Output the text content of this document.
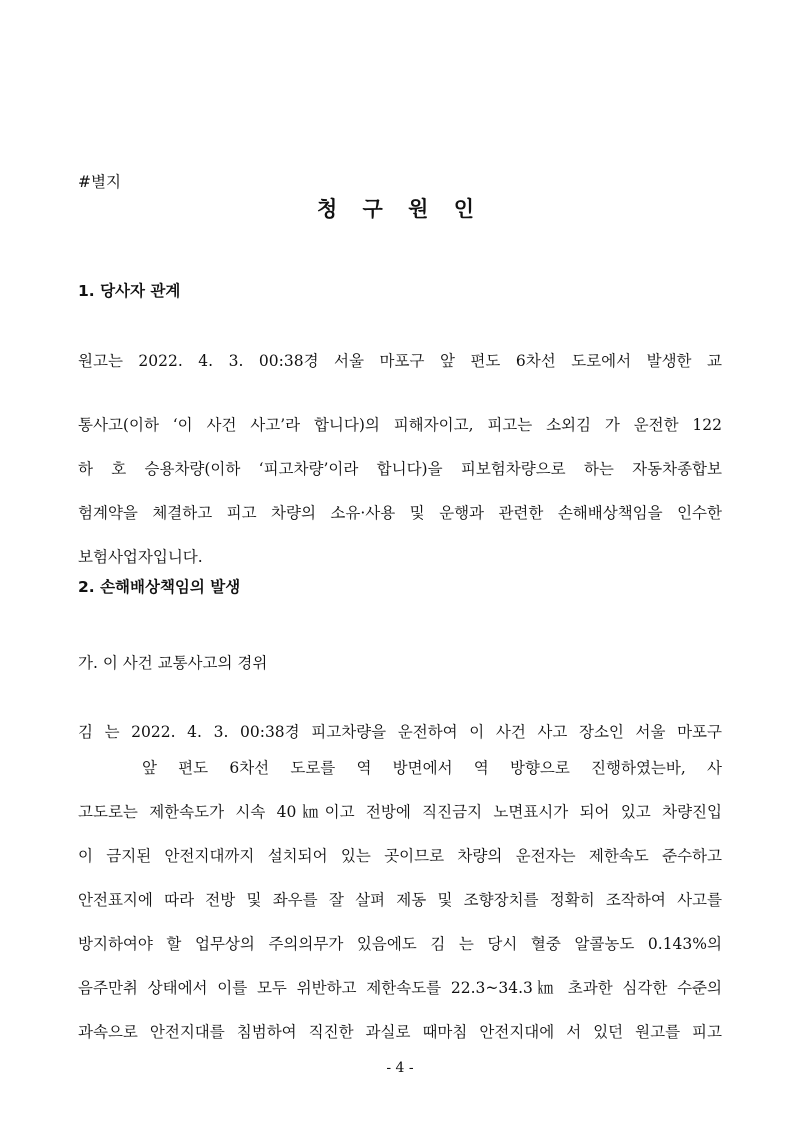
#별지
청 구 원 인
1. 당사자 관계
원고는 2022. 4. 3. 00:38경 서울 마포구 앞 편도 6차선 도로에서 발생한 교
통사고(이하 ‘이 사건 사고’라 합니다)의 피해자이고, 피고는 소외김 가 운전한 122
하 호 승용차량(이하 ‘피고차량’이라 합니다)을 피보험차량으로 하는 자동차종합보
험계약을 체결하고 피고 차량의 소유·사용 및 운행과 관련한 손해배상책임을 인수한
보험사업자입니다.
2. 손해배상책임의 발생
가. 이 사건 교통사고의 경위
김 는 2022. 4. 3. 00:38경 피고차량을 운전하여 이 사건 사고 장소인 서울 마포구
앞 편도 6차선 도로를 역 방면에서 역 방향으로 진행하였는바, 사
고도로는 제한속도가 시속 40㎞이고 전방에 직진금지 노면표시가 되어 있고 차량진입
이 금지된 안전지대까지 설치되어 있는 곳이므로 차량의 운전자는 제한속도 준수하고
안전표지에 따라 전방 및 좌우를 잘 살펴 제동 및 조향장치를 정확히 조작하여 사고를
방지하여야 할 업무상의 주의의무가 있음에도 김 는 당시 혈중 알콜농도 0.143%의
음주만취 상태에서 이를 모두 위반하고 제한속도를 22.3~34.3㎞ 초과한 심각한 수준의
과속으로 안전지대를 침범하여 직진한 과실로 때마침 안전지대에 서 있던 원고를 피고
- 4 -
